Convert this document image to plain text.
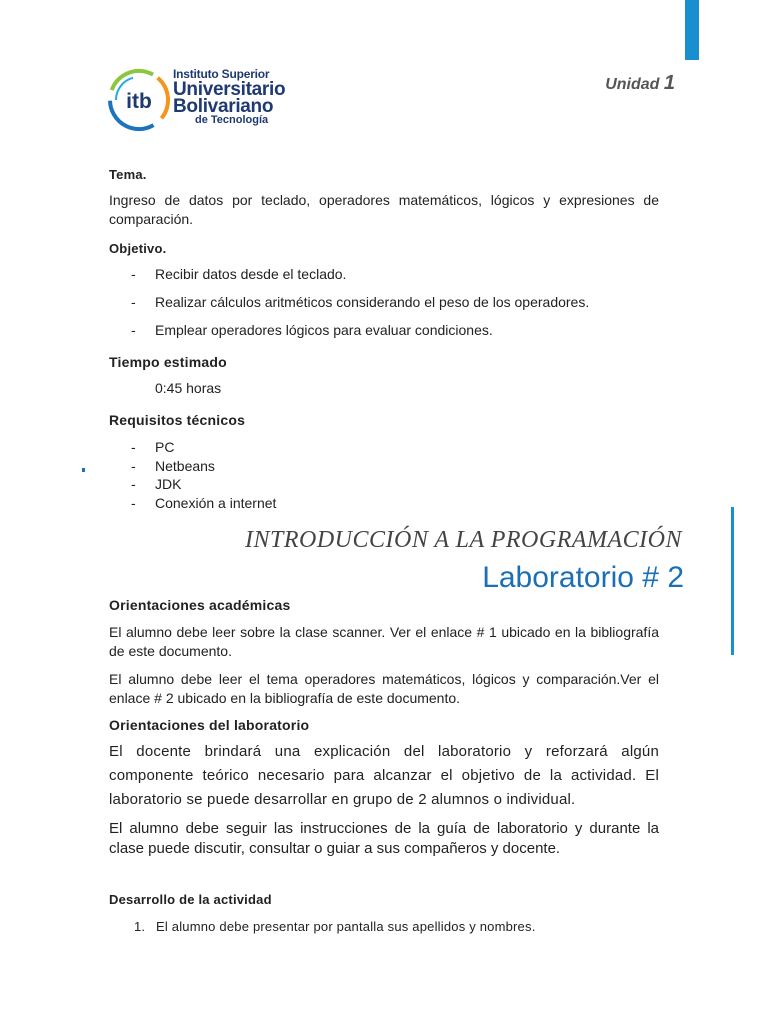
itb
Instituto Superior
Universitario
Bolivariano
de Tecnología
Unidad 1

Tema.

Ingreso de datos por teclado, operadores matemáticos, lógicos y expresiones de comparación.

Objetivo.

- Recibir datos desde el teclado.
- Realizar cálculos aritméticos considerando el peso de los operadores.
- Emplear operadores lógicos para evaluar condiciones.

Tiempo estimado

0:45 horas

Requisitos técnicos

- PC
- Netbeans
- JDK
- Conexión a internet
INTRODUCCIÓN A LA PROGRAMACIÓN
Laboratorio # 2

Orientaciones académicas

El alumno debe leer sobre la clase scanner. Ver el enlace # 1 ubicado en la bibliografía de este documento.

El alumno debe leer el tema operadores matemáticos, lógicos y comparación.Ver el enlace # 2 ubicado en la bibliografía de este documento.

Orientaciones del laboratorio

El docente brindará una explicación del laboratorio y reforzará algún componente teórico necesario para alcanzar el objetivo de la actividad. El laboratorio se puede desarrollar en grupo de 2 alumnos o individual.

El alumno debe seguir las instrucciones de la guía de laboratorio y durante la clase puede discutir, consultar o guiar a sus compañeros y docente.

Desarrollo de la actividad

1. El alumno debe presentar por pantalla sus apellidos y nombres.
